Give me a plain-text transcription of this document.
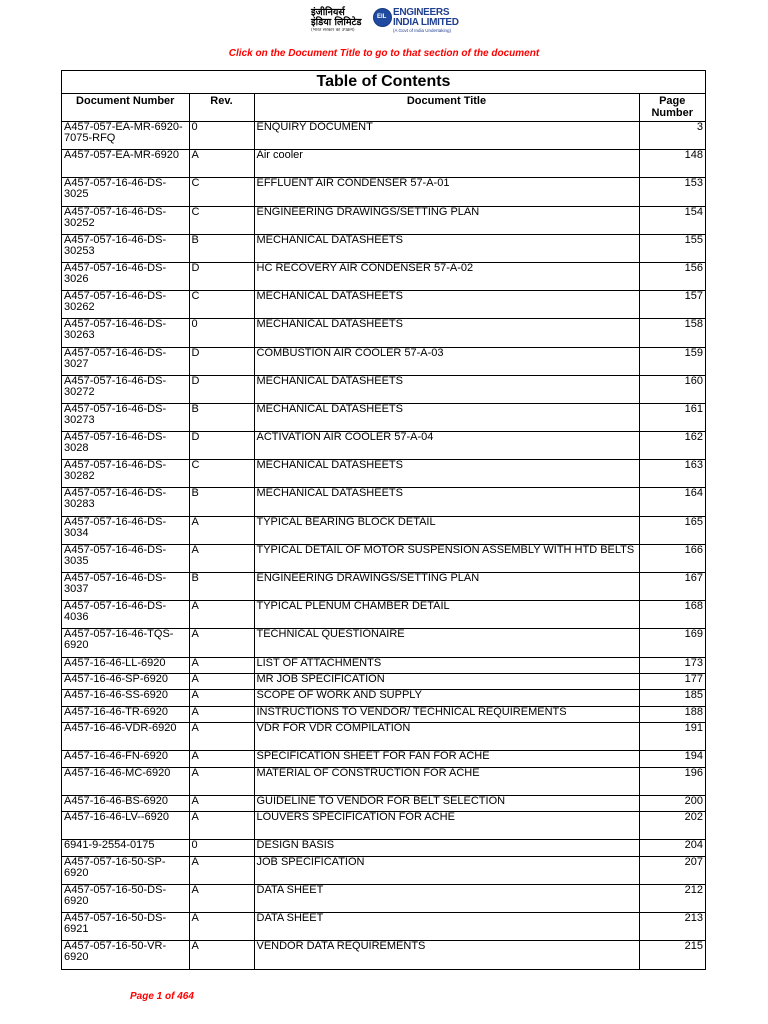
इंजीनियर्स
इंडिया लिमिटेड
(भारत सरकार का उपक्रम)
EIL ENGINEERS
INDIA LIMITED
(A Govt of India Undertaking)
Click on the Document Title to go to that section of the document
Table of Contents
Document Number	Rev.	Document Title	Page Number
A457-057-EA-MR-6920-7075-RFQ	0	ENQUIRY DOCUMENT	3
A457-057-EA-MR-6920	A	Air cooler	148
A457-057-16-46-DS-3025	C	EFFLUENT AIR CONDENSER 57-A-01	153
A457-057-16-46-DS-30252	C	ENGINEERING DRAWINGS/SETTING PLAN	154
A457-057-16-46-DS-30253	B	MECHANICAL DATASHEETS	155
A457-057-16-46-DS-3026	D	HC RECOVERY AIR CONDENSER 57-A-02	156
A457-057-16-46-DS-30262	C	MECHANICAL DATASHEETS	157
A457-057-16-46-DS-30263	0	MECHANICAL DATASHEETS	158
A457-057-16-46-DS-3027	D	COMBUSTION AIR COOLER 57-A-03	159
A457-057-16-46-DS-30272	D	MECHANICAL DATASHEETS	160
A457-057-16-46-DS-30273	B	MECHANICAL DATASHEETS	161
A457-057-16-46-DS-3028	D	ACTIVATION AIR COOLER 57-A-04	162
A457-057-16-46-DS-30282	C	MECHANICAL DATASHEETS	163
A457-057-16-46-DS-30283	B	MECHANICAL DATASHEETS	164
A457-057-16-46-DS-3034	A	TYPICAL BEARING BLOCK DETAIL	165
A457-057-16-46-DS-3035	A	TYPICAL DETAIL OF MOTOR SUSPENSION ASSEMBLY WITH HTD BELTS	166
A457-057-16-46-DS-3037	B	ENGINEERING DRAWINGS/SETTING PLAN	167
A457-057-16-46-DS-4036	A	TYPICAL PLENUM CHAMBER DETAIL	168
A457-057-16-46-TQS-6920	A	TECHNICAL QUESTIONAIRE	169
A457-16-46-LL-6920	A	LIST OF ATTACHMENTS	173
A457-16-46-SP-6920	A	MR JOB SPECIFICATION	177
A457-16-46-SS-6920	A	SCOPE OF WORK AND SUPPLY	185
A457-16-46-TR-6920	A	INSTRUCTIONS TO VENDOR/ TECHNICAL REQUIREMENTS	188
A457-16-46-VDR-6920	A	VDR FOR VDR COMPILATION	191
A457-16-46-FN-6920	A	SPECIFICATION SHEET FOR FAN FOR ACHE	194
A457-16-46-MC-6920	A	MATERIAL OF CONSTRUCTION FOR ACHE	196
A457-16-46-BS-6920	A	GUIDELINE TO VENDOR FOR BELT SELECTION	200
A457-16-46-LV--6920	A	LOUVERS SPECIFICATION FOR ACHE	202
6941-9-2554-0175	0	DESIGN BASIS	204
A457-057-16-50-SP-6920	A	JOB SPECIFICATION	207
A457-057-16-50-DS-6920	A	DATA SHEET	212
A457-057-16-50-DS-6921	A	DATA SHEET	213
A457-057-16-50-VR-6920	A	VENDOR DATA REQUIREMENTS	215
Page 1 of 464
